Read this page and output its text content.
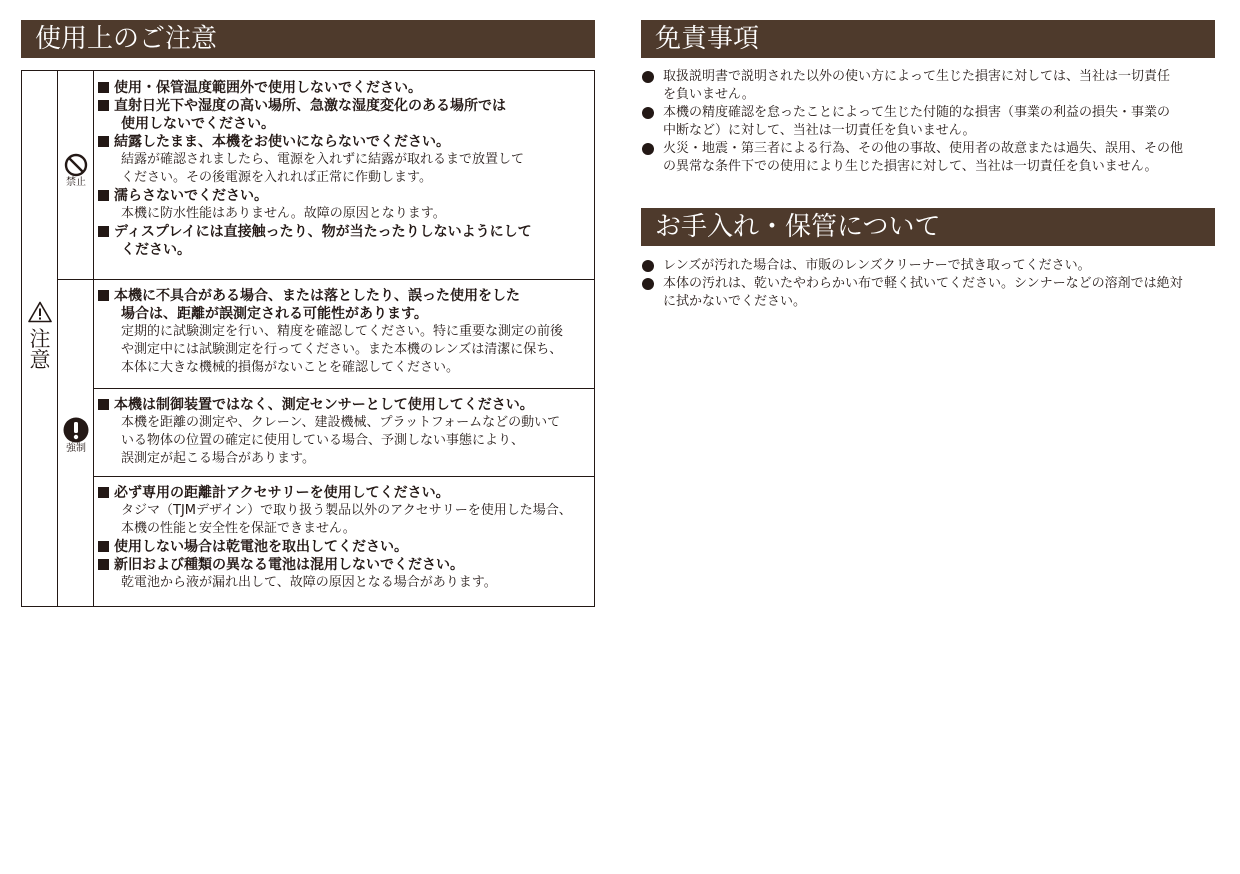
使用上のご注意	免責事項
お手入れ・保管について
注
意
禁止
強制

使用・保管温度範囲外で使用しないでください。

直射日光下や湿度の高い場所、急激な湿度変化のある場所では

使用しないでください。

結露したまま、本機をお使いにならないでください。

結露が確認されましたら、電源を入れずに結露が取れるまで放置して

ください。その後電源を入れれば正常に作動します。

濡らさないでください。

本機に防水性能はありません。故障の原因となります。

ディスプレイには直接触ったり、物が当たったりしないようにして

ください。

本機に不具合がある場合、または落としたり、誤った使用をした

場合は、距離が誤測定される可能性があります。

定期的に試験測定を行い、精度を確認してください。特に重要な測定の前後

や測定中には試験測定を行ってください。また本機のレンズは清潔に保ち、

本体に大きな機械的損傷がないことを確認してください。

本機は制御装置ではなく、測定センサーとして使用してください。

本機を距離の測定や、クレーン、建設機械、プラットフォームなどの動いて

いる物体の位置の確定に使用している場合、予測しない事態により、

誤測定が起こる場合があります。

必ず専用の距離計アクセサリーを使用してください。

タジマ（TJMデザイン）で取り扱う製品以外のアクセサリーを使用した場合、

本機の性能と安全性を保証できません。

使用しない場合は乾電池を取出してください。

新旧および種類の異なる電池は混用しないでください。

乾電池から液が漏れ出して、故障の原因となる場合があります。

取扱説明書で説明された以外の使い方によって生じた損害に対しては、当社は一切責任
を負いません。
本機の精度確認を怠ったことによって生じた付随的な損害（事業の利益の損失・事業の
中断など）に対して、当社は一切責任を負いません。
火災・地震・第三者による行為、その他の事故、使用者の故意または過失、誤用、その他
の異常な条件下での使用により生じた損害に対して、当社は一切責任を負いません。
レンズが汚れた場合は、市販のレンズクリーナーで拭き取ってください。
本体の汚れは、乾いたやわらかい布で軽く拭いてください。シンナーなどの溶剤では絶対
に拭かないでください。
